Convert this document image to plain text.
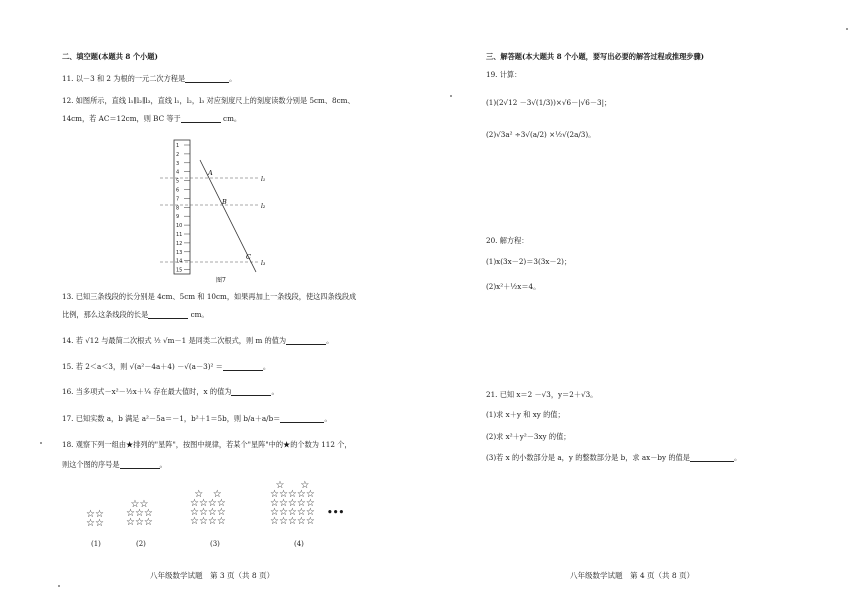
二、填空题(本题共 8 个小题)
11. 以－3 和 2 为根的一元二次方程是	。
12. 如图所示，直线 l₁∥l₂∥l₃，直线 l₁，l₂，l₃ 对应刻度尺上的刻度读数分别是 5cm、8cm、
14cm，若 AC＝12cm，则 BC 等于	cm。
1
2
3
4
5
6
7
8
9
10
11
12
13
14
15
A
B
C
l₁
l₂
l₃
图7
13. 已知三条线段的长分别是 4cm、5cm 和 10cm，如果再加上一条线段，使这四条线段成
比例，那么这条线段的长是	cm。
14. 若 √12 与最简二次根式 ½ √m－1 是同类二次根式，则 m 的值为	。
15. 若 2＜a＜3，则 √(a²－4a＋4) －√(a－3)² ＝	。
16. 当多项式－x²－½x＋¼ 存在最大值时，x 的值为	。
17. 已知实数 a，b 满足 a²－5a＝－1，b²＋1＝5b，则 b/a＋a/b＝	。
18. 观察下列一组由★排列的"星阵"，按图中规律，若某个"星阵"中的★的个数为 112 个，
则这个图的序号是	。
☆☆
☆☆
☆☆
☆☆☆
☆☆☆
☆   ☆
☆☆☆☆
☆☆☆☆
☆☆☆☆
☆     ☆
☆☆☆☆☆
☆☆☆☆☆
☆☆☆☆☆
☆☆☆☆☆
•••
(1)	(2)	(3)	(4)
八年级数学试题　第 3 页（共 8 页）
三、解答题(本大题共 8 个小题，要写出必要的解答过程或推理步骤)
19. 计算：
(1)(2√12 －3√(1/3))×√6－|√6－3|；
(2)√3a² ÷3√(a/2) ×½√(2a/3)。
20. 解方程：
(1)x(3x－2)＝3(3x－2)；
(2)x²＋½x＝4。
21. 已知 x＝2 －√3，y＝2＋√3。
(1)求 x＋y 和 xy 的值；
(2)求 x²＋y²－3xy 的值；
(3)若 x 的小数部分是 a，y 的整数部分是 b，求 ax－by 的值是	。
八年级数学试题　第 4 页（共 8 页）
